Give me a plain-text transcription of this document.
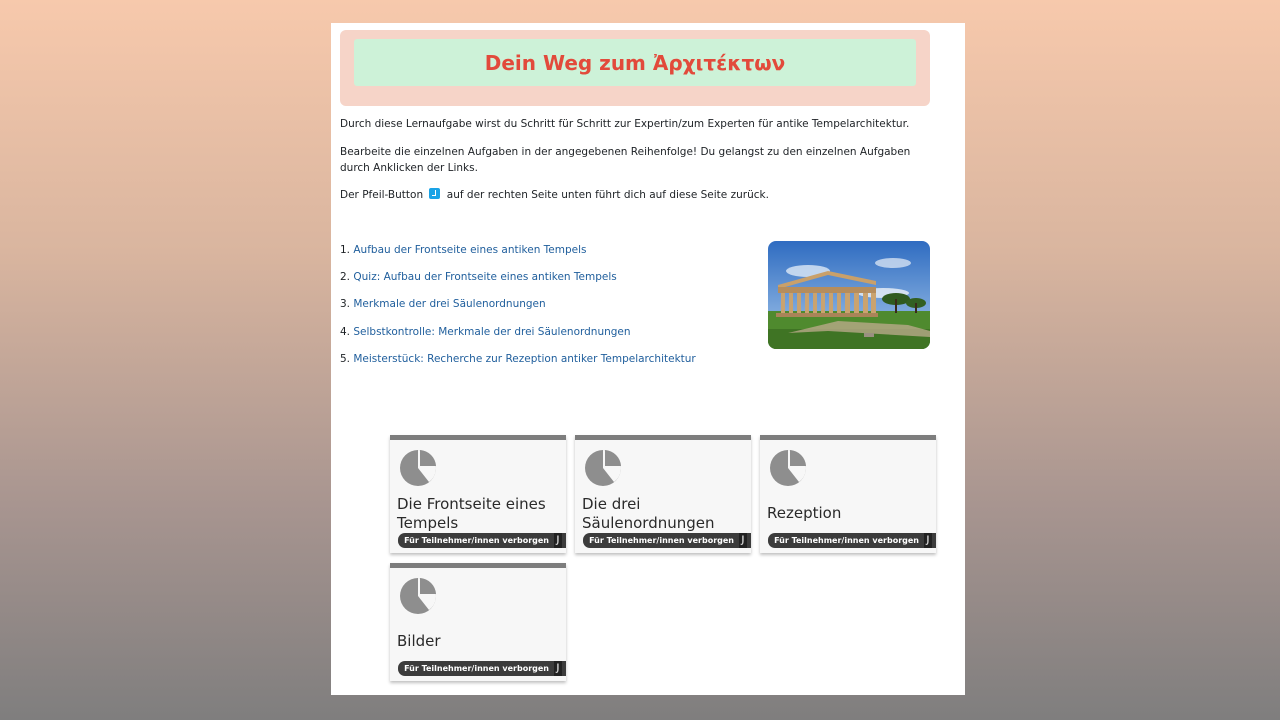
Dein Weg zum Ἀρχιτέκτων

Durch diese Lernaufgabe wirst du Schritt für Schritt zur Expertin/zum Experten für antike Tempelarchitektur.

Bearbeite die einzelnen Aufgaben in der angegebenen Reihenfolge! Du gelangst zu den einzelnen Aufgaben durch Anklicken der Links.

Der Pfeil-Button auf der rechten Seite unten führt dich auf diese Seite zurück.

1. Aufbau der Frontseite eines antiken Tempels
2. Quiz: Aufbau der Frontseite eines antiken Tempels
3. Merkmale der drei Säulenordnungen
4. Selbstkontrolle: Merkmale der drei Säulenordnungen
5. Meisterstück: Recherche zur Rezeption antiker Tempelarchitektur
Die Frontseite eines Tempels
Für Teilnehmer/innen verborgen ⌡
Die drei Säulenordnungen
Für Teilnehmer/innen verborgen ⌡
Rezeption
Für Teilnehmer/innen verborgen ⌡
Bilder
Für Teilnehmer/innen verborgen ⌡
